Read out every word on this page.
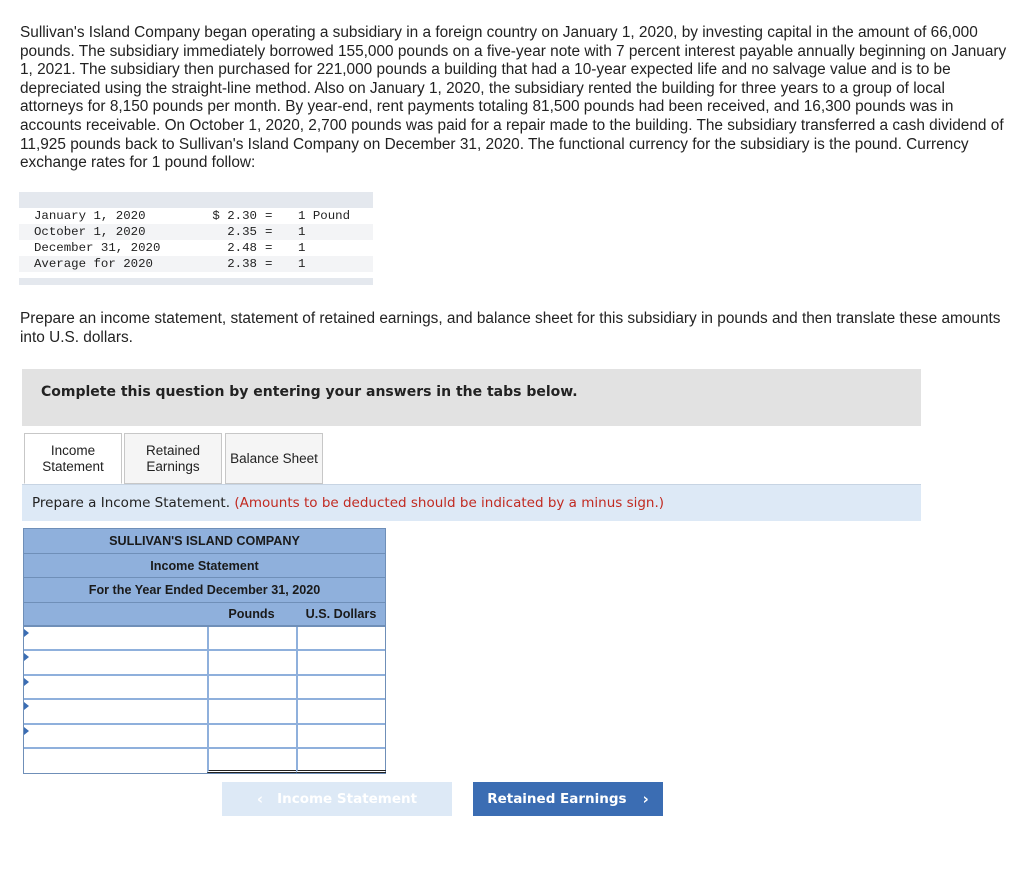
Sullivan's Island Company began operating a subsidiary in a foreign country on January 1, 2020, by investing capital in the amount of 66,000 pounds. The subsidiary immediately borrowed 155,000 pounds on a five-year note with 7 percent interest payable annually beginning on January 1, 2021. The subsidiary then purchased for 221,000 pounds a building that had a 10-year expected life and no salvage value and is to be depreciated using the straight-line method. Also on January 1, 2020, the subsidiary rented the building for three years to a group of local attorneys for 8,150 pounds per month. By year-end, rent payments totaling 81,500 pounds had been received, and 16,300 pounds was in accounts receivable. On October 1, 2020, 2,700 pounds was paid for a repair made to the building. The subsidiary transferred a cash dividend of 11,925 pounds back to Sullivan's Island Company on December 31, 2020. The functional currency for the subsidiary is the pound. Currency exchange rates for 1 pound follow:
January 1, 2020	$ 2.30 = 1 Pound
October 1, 2020	2.35 = 1
December 31, 2020	2.48 = 1
Average for 2020	2.38 = 1
Prepare an income statement, statement of retained earnings, and balance sheet for this subsidiary in pounds and then translate these amounts into U.S. dollars.
Complete this question by entering your answers in the tabs below.
Income
Statement
Retained
Earnings
Balance Sheet
Prepare a Income Statement. (Amounts to be deducted should be indicated by a minus sign.)
SULLIVAN'S ISLAND COMPANY
Income Statement
For the Year Ended December 31, 2020
Pounds	U.S. Dollars
‹ Income Statement	Retained Earnings ›
